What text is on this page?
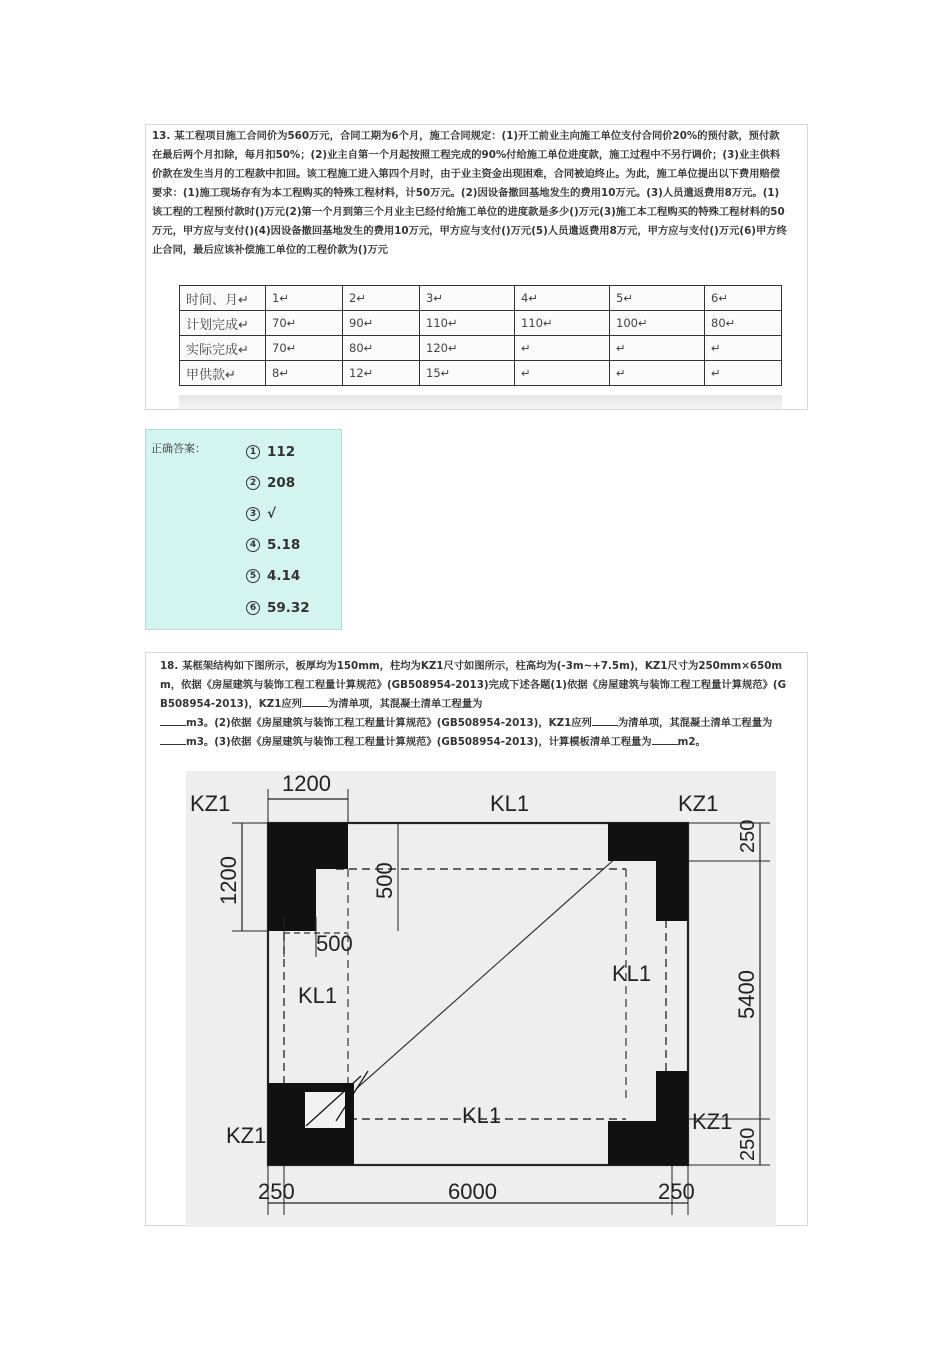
13. 某工程项目施工合同价为560万元，合同工期为6个月，施工合同规定：(1)开工前业主向施工单位支付合同价20%的预付款，预付款在最后两个月扣除，每月扣50%；(2)业主自第一个月起按照工程完成的90%付给施工单位进度款，施工过程中不另行调价；(3)业主供料价款在发生当月的工程款中扣回。该工程施工进入第四个月时，由于业主资金出现困难，合同被迫终止。为此，施工单位提出以下费用赔偿要求：(1)施工现场存有为本工程购买的特殊工程材料，计50万元。(2)因设备撤回基地发生的费用10万元。(3)人员遣返费用8万元。(1)该工程的工程预付款时()万元(2)第一个月到第三个月业主已经付给施工单位的进度款是多少()万元(3)施工本工程购买的特殊工程材料的50万元，甲方应与支付()(4)因设备撤回基地发生的费用10万元，甲方应与支付()万元(5)人员遣返费用8万元，甲方应与支付()万元(6)甲方终止合同，最后应该补偿施工单位的工程价款为()万元
时间、月↵	1↵	2↵	3↵	4↵	5↵	6↵
计划完成↵	70↵	90↵	110↵	110↵	100↵	80↵
实际完成↵	70↵	80↵	120↵	↵	↵	↵
甲供款↵	8↵	12↵	15↵	↵	↵	↵
正确答案：	1 112
2 208
3 √
4 5.18
5 4.14
6 59.32
18. 某框架结构如下图所示，板厚均为150mm，柱均为KZ1尺寸如图所示，柱高均为(-3m~+7.5m)，KZ1尺寸为250mm×650mm，依据《房屋建筑与装饰工程工程量计算规范》(GB508954-2013)完成下述各题(1)依据《房屋建筑与装饰工程工程量计算规范》(GB508954-2013)，KZ1应列	为清单项，其混凝土清单工程量为
m3。(2)依据《房屋建筑与装饰工程工程量计算规范》(GB508954-2013)，KZ1应列	为清单项，其混凝土清单工程量为m3。(3)依据《房屋建筑与装饰工程工程量计算规范》(GB508954-2013)，计算模板清单工程量为	m2。
KZ1	KZ1
KZ1
KZ1
KL1
KL1
KL1
KL1
1200
1200	500
500
250
5400
250
250	6000	250
